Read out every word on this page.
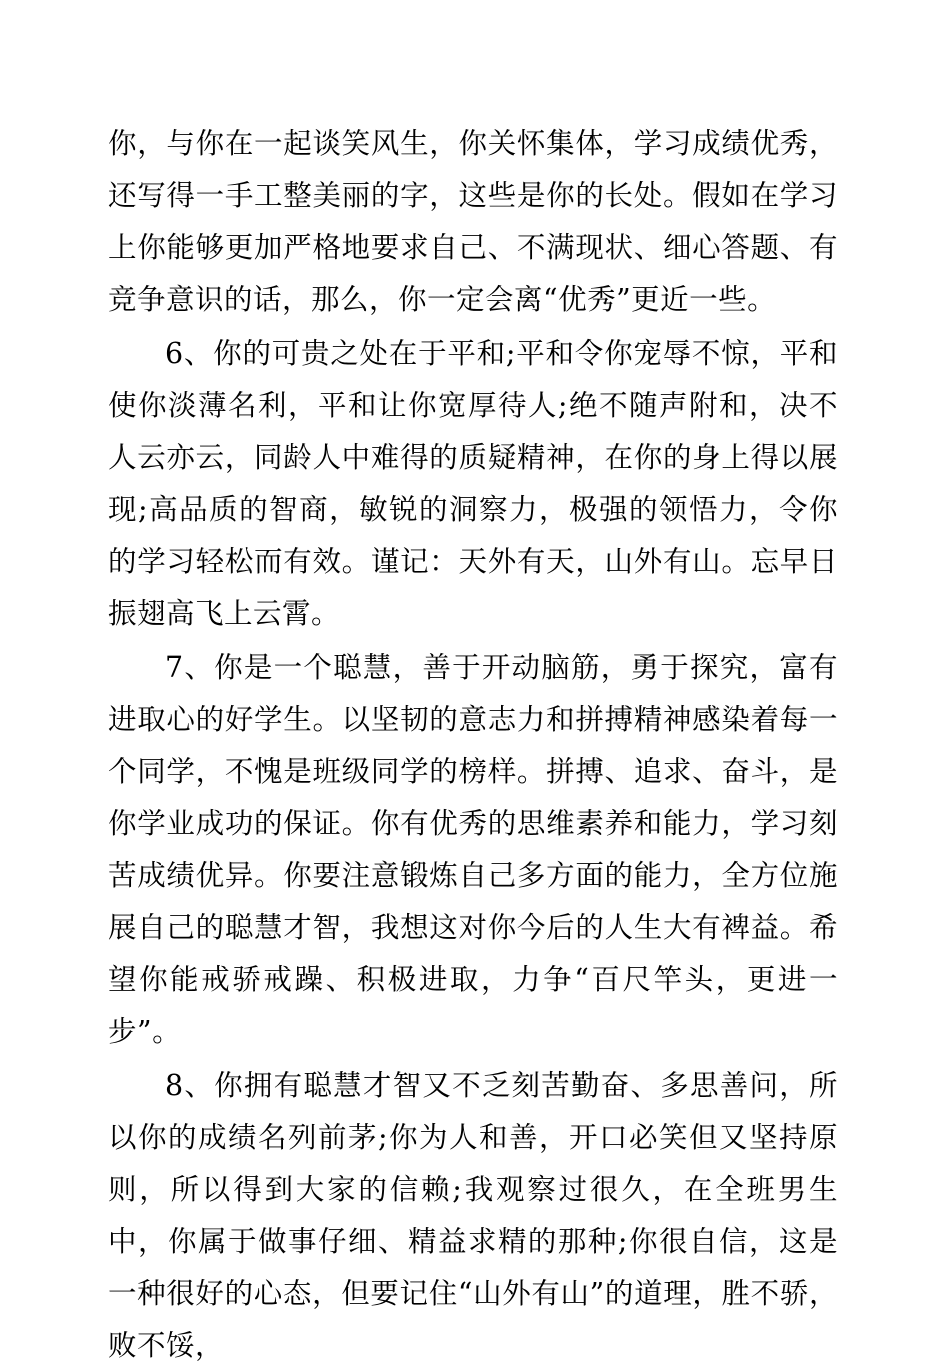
你，与你在一起谈笑风生，你关怀集体，学习成绩优秀，还写得一手工整美丽的字，这些是你的长处。假如在学习上你能够更加严格地要求自己、不满现状、细心答题、有竞争意识的话，那么，你一定会离“优秀”更近一些。

6、你的可贵之处在于平和;平和令你宠辱不惊，平和使你淡薄名利，平和让你宽厚待人;绝不随声附和，决不人云亦云，同龄人中难得的质疑精神，在你的身上得以展现;高品质的智商，敏锐的洞察力，极强的领悟力，令你的学习轻松而有效。谨记：天外有天，山外有山。忘早日振翅高飞上云霄。

7、你是一个聪慧，善于开动脑筋，勇于探究，富有进取心的好学生。以坚韧的意志力和拼搏精神感染着每一个同学，不愧是班级同学的榜样。拼搏、追求、奋斗，是你学业成功的保证。你有优秀的思维素养和能力，学习刻苦成绩优异。你要注意锻炼自己多方面的能力，全方位施展自己的聪慧才智，我想这对你今后的人生大有裨益。希望你能戒骄戒躁、积极进取，力争“百尺竿头，更进一步”。

8、你拥有聪慧才智又不乏刻苦勤奋、多思善问，所以你的成绩名列前茅;你为人和善，开口必笑但又坚持原则，所以得到大家的信赖;我观察过很久，在全班男生中，你属于做事仔细、精益求精的那种;你很自信，这是一种很好的心态，但要记住“山外有山”的道理，胜不骄，败不馁，
